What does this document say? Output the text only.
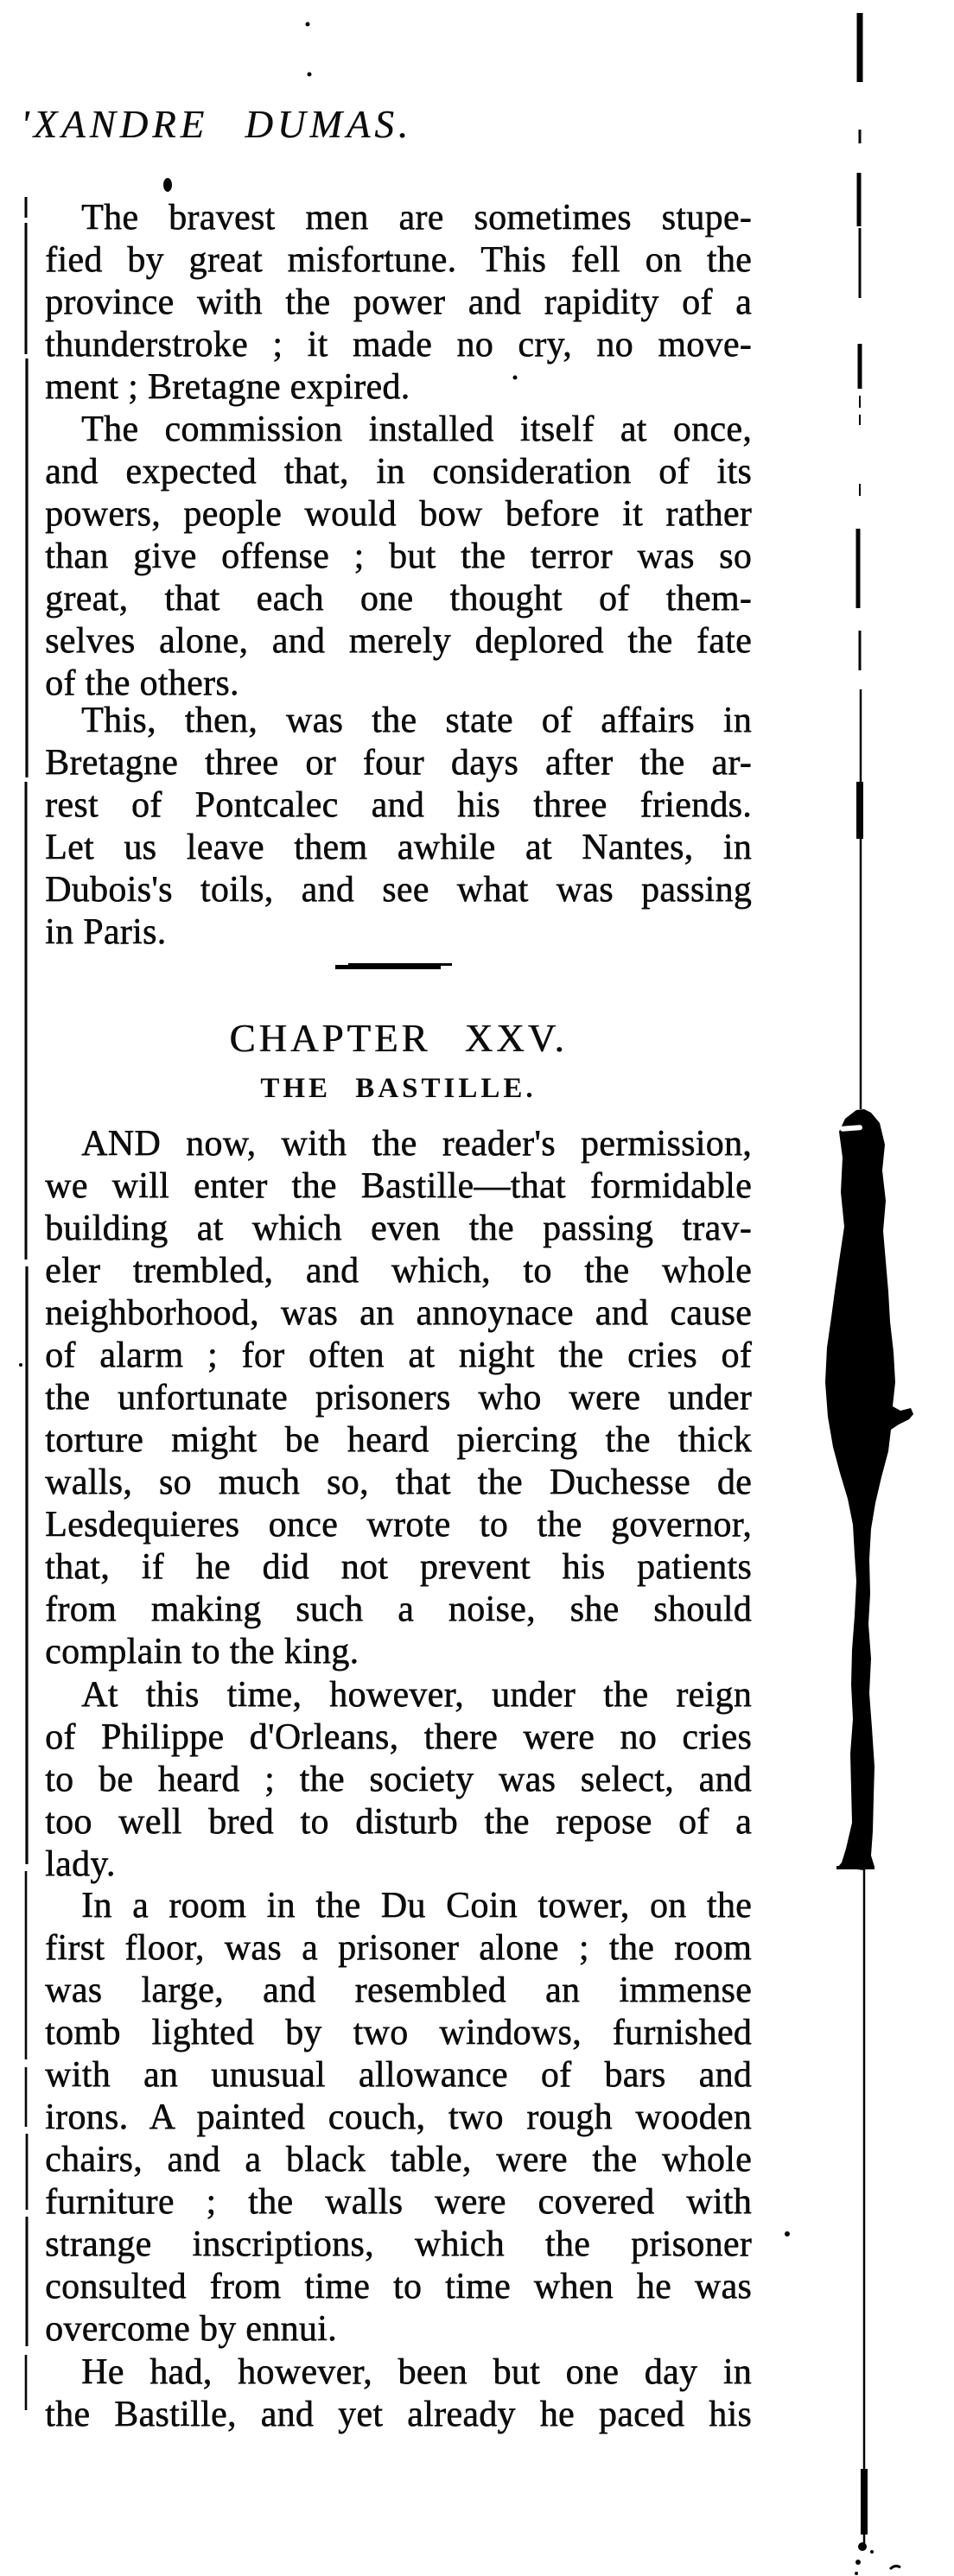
'XANDRE DUMAS.
The bravest men are sometimes stupe-
fied by great misfortune. This fell on the
province with the power and rapidity of a
thunderstroke ; it made no cry, no move-
ment ; Bretagne expired.
The commission installed itself at once,
and expected that, in consideration of its
powers, people would bow before it rather
than give offense ; but the terror was so
great, that each one thought of them-
selves alone, and merely deplored the fate
of the others.
This, then, was the state of affairs in
Bretagne three or four days after the ar-
rest of Pontcalec and his three friends.
Let us leave them awhile at Nantes, in
Dubois's toils, and see what was passing
in Paris.
CHAPTER XXV.
THE BASTILLE.
AND now, with the reader's permission,
we will enter the Bastille—that formidable
building at which even the passing trav-
eler trembled, and which, to the whole
neighborhood, was an annoynace and cause
of alarm ; for often at night the cries of
the unfortunate prisoners who were under
torture might be heard piercing the thick
walls, so much so, that the Duchesse de
Lesdequieres once wrote to the governor,
that, if he did not prevent his patients
from making such a noise, she should
complain to the king.
At this time, however, under the reign
of Philippe d'Orleans, there were no cries
to be heard ; the society was select, and
too well bred to disturb the repose of a
lady.
In a room in the Du Coin tower, on the
first floor, was a prisoner alone ; the room
was large, and resembled an immense
tomb lighted by two windows, furnished
with an unusual allowance of bars and
irons. A painted couch, two rough wooden
chairs, and a black table, were the whole
furniture ; the walls were covered with
strange inscriptions, which the prisoner
consulted from time to time when he was
overcome by ennui.
He had, however, been but one day in
the Bastille, and yet already he paced his
